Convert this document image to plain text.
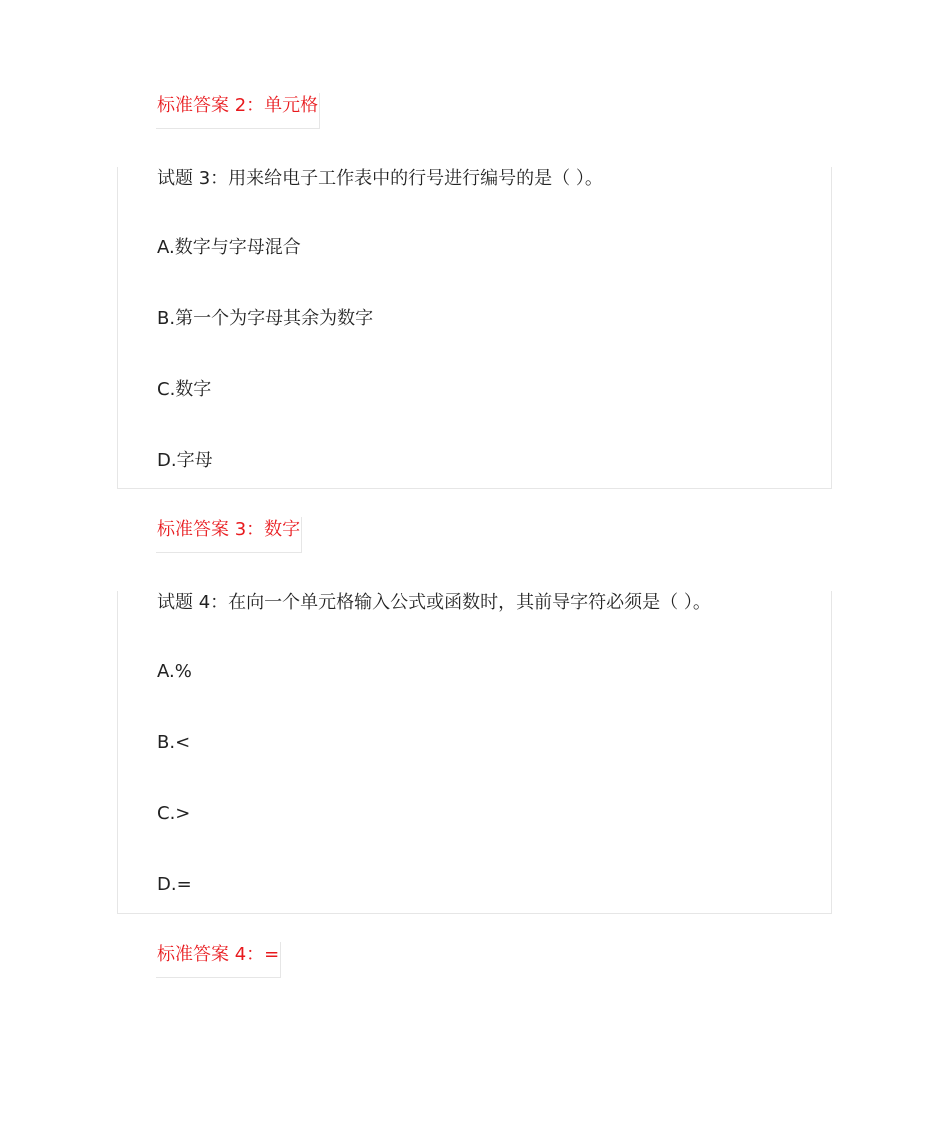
标准答案 2：单元格
试题 3：用来给电子工作表中的行号进行编号的是（ ）。
A.数字与字母混合
B.第一个为字母其余为数字
C.数字
D.字母
标准答案 3：数字
试题 4：在向一个单元格输入公式或函数时，其前导字符必须是（ ）。
A.%
B.<
C.>
D.=
标准答案 4：=
